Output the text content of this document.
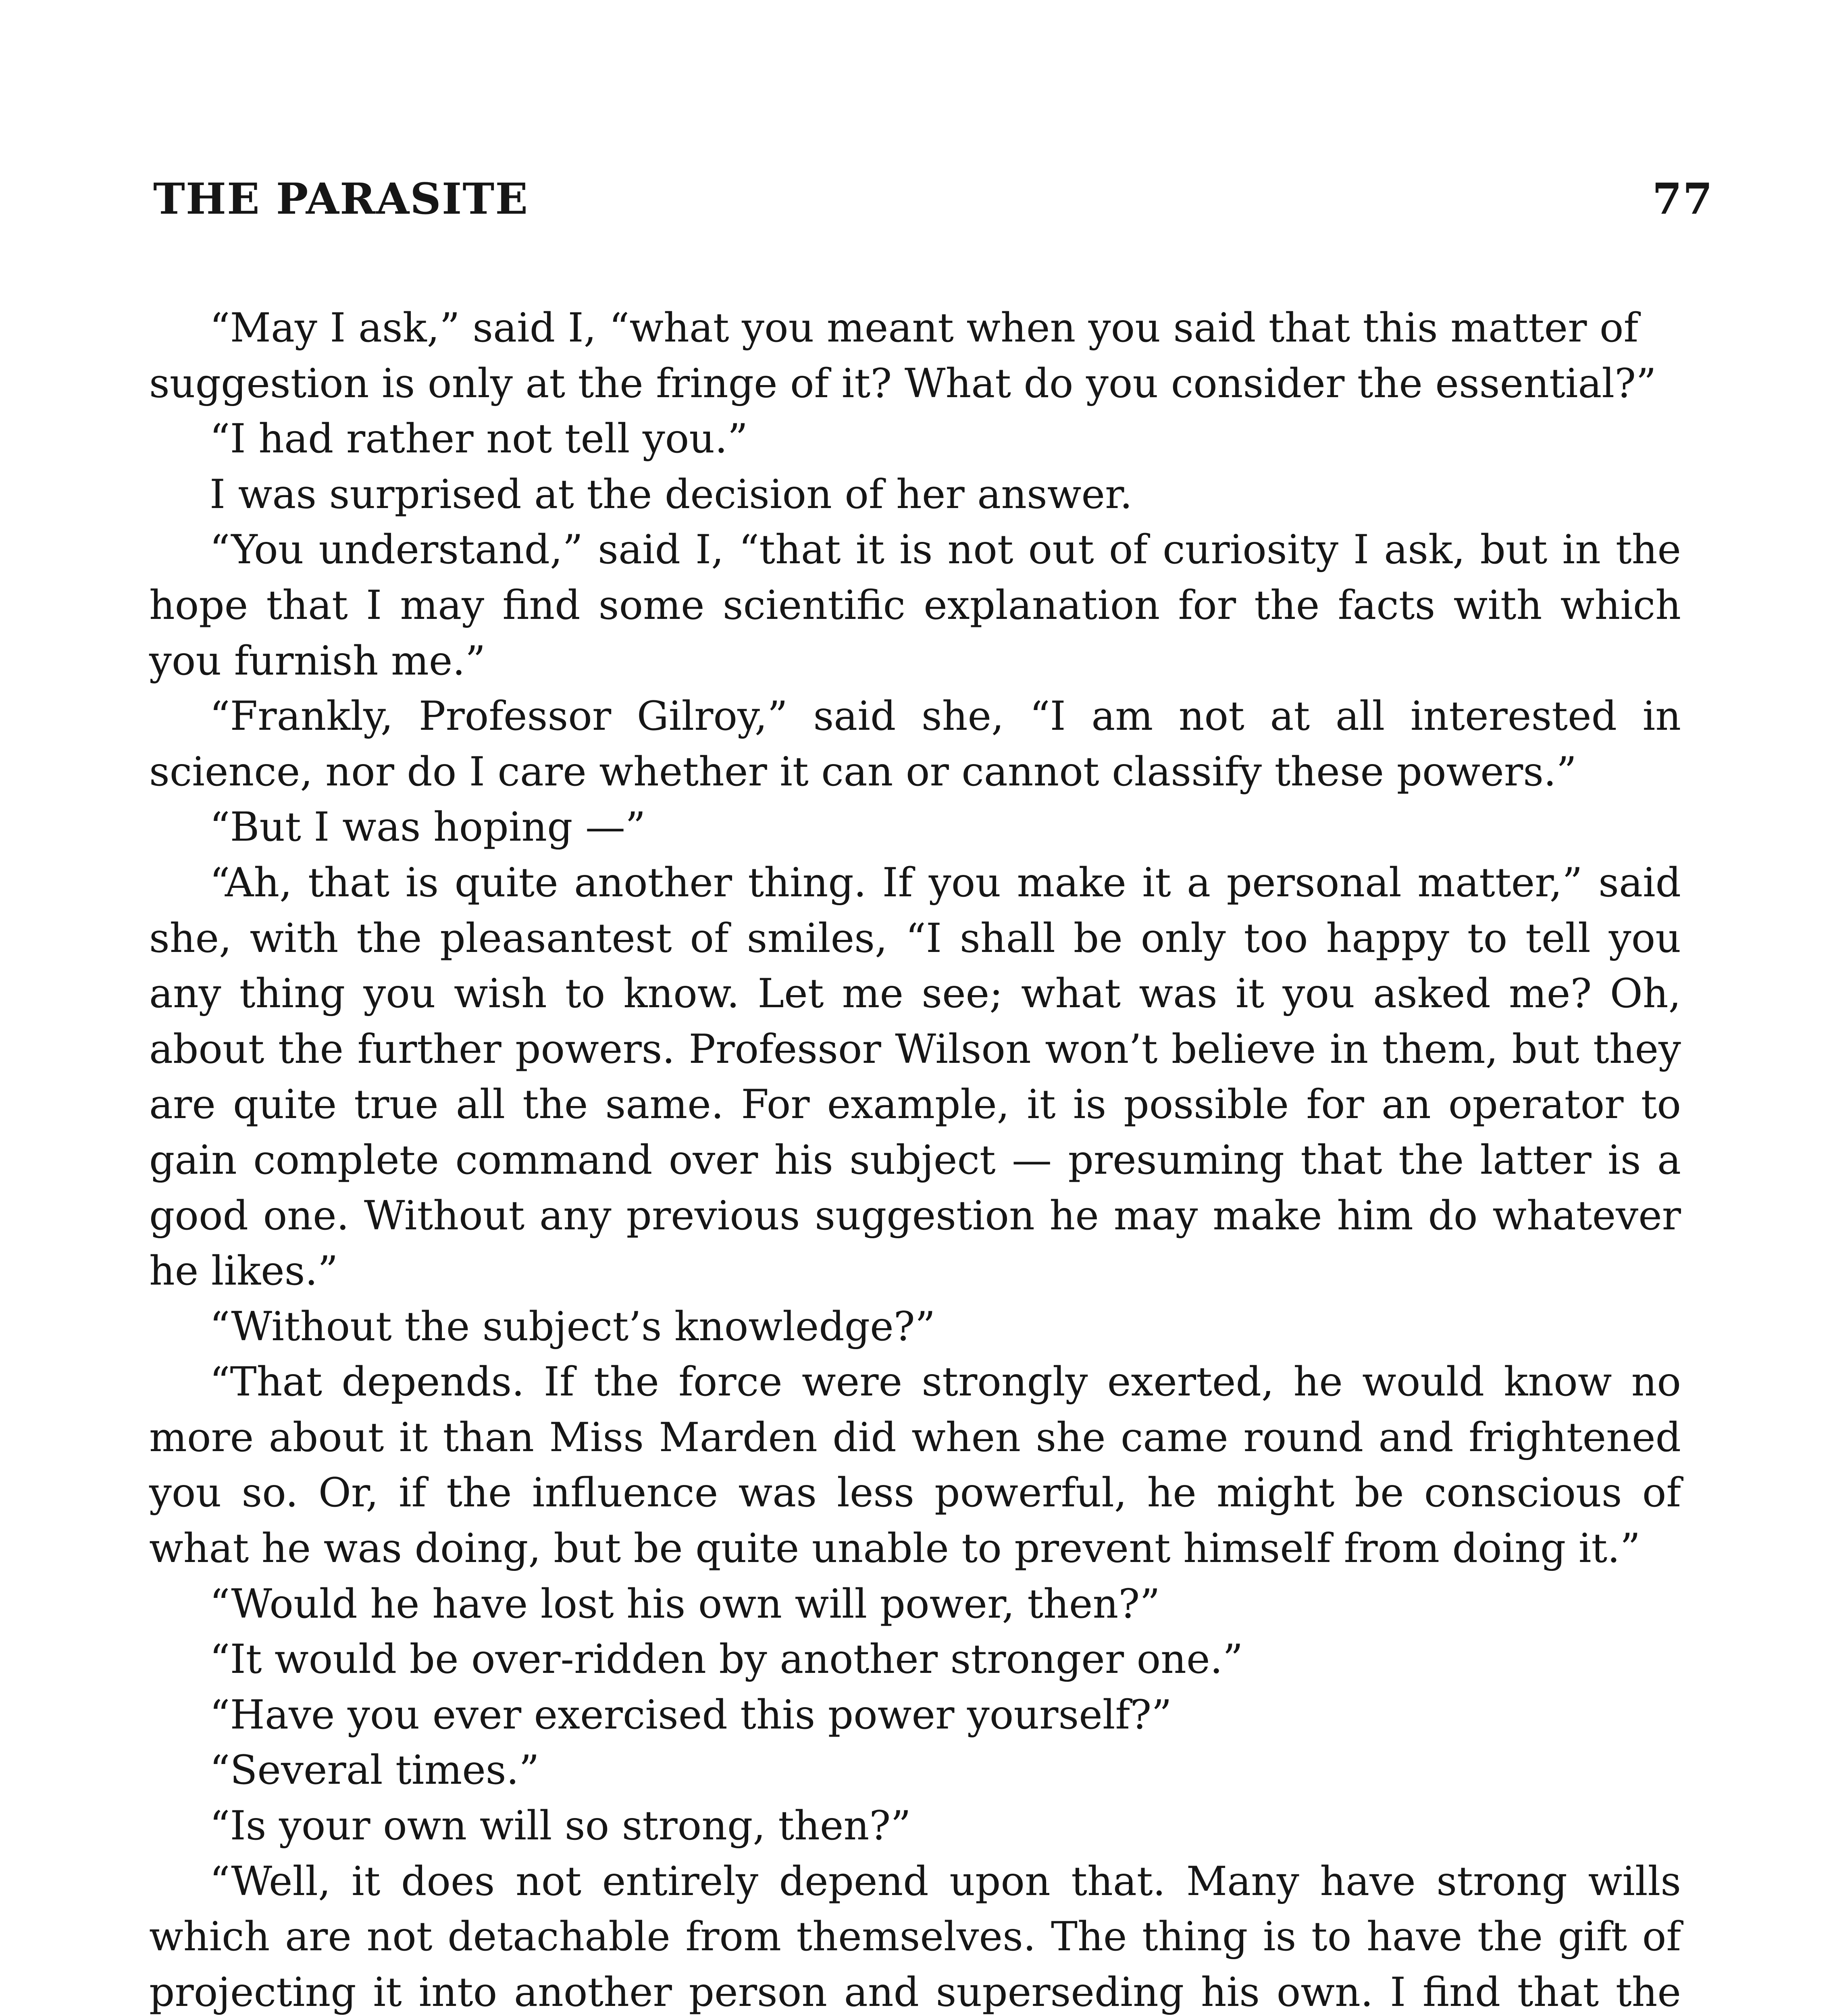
THE PARASITE	77

“May I ask,” said I, “what you meant when you said that this matter of suggestion is only at the fringe of it? What do you consider the essential?”

“I had rather not tell you.”

I was surprised at the decision of her answer.

“You understand,” said I, “that it is not out of curiosity I ask, but in the hope that I may find some scientific explanation for the facts with which you furnish me.”

“Frankly, Professor Gilroy,” said she, “I am not at all interested in science, nor do I care whether it can or cannot classify these powers.”

“But I was hoping —”

“Ah, that is quite another thing. If you make it a personal matter,” said she, with the pleasantest of smiles, “I shall be only too happy to tell you any thing you wish to know. Let me see; what was it you asked me? Oh, about the further powers. Professor Wilson won’t believe in them, but they are quite true all the same. For example, it is possible for an operator to gain complete command over his subject — presuming that the latter is a good one. Without any previous suggestion he may make him do whatever he likes.”

“Without the subject’s knowledge?”

“That depends. If the force were strongly exerted, he would know no more about it than Miss Marden did when she came round and frightened you so. Or, if the influence was less powerful, he might be conscious of what he was doing, but be quite unable to prevent himself from doing it.”

“Would he have lost his own will power, then?”

“It would be over-ridden by another stronger one.”

“Have you ever exercised this power yourself?”

“Several times.”

“Is your own will so strong, then?”

“Well, it does not entirely depend upon that. Many have strong wills which are not detachable from themselves. The thing is to have the gift of projecting it into another person and superseding his own. I find that the
